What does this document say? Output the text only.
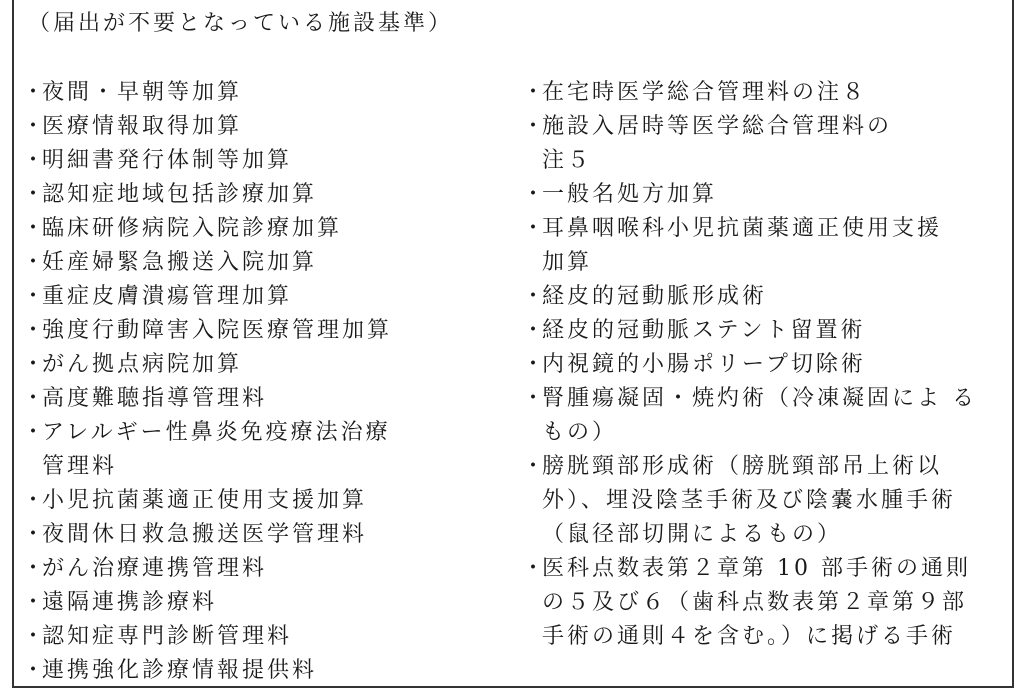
（届出が不要となっている施設基準）
・
夜間・早朝等加算
・
医療情報取得加算
・
明細書発行体制等加算
・
認知症地域包括診療加算
・
臨床研修病院入院診療加算
・
妊産婦緊急搬送入院加算
・
重症皮膚潰瘍管理加算
・
強度行動障害入院医療管理加算
・
がん拠点病院加算
・
高度難聴指導管理料
・
アレルギー性鼻炎免疫療法治療
管理料
・
小児抗菌薬適正使用支援加算
・
夜間休日救急搬送医学管理料
・
がん治療連携管理料
・
遠隔連携診療料
・
認知症専門診断管理料
・
連携強化診療情報提供料
・
在宅時医学総合管理料の注８
・
施設入居時等医学総合管理料の
注５
・
一般名処方加算
・
耳鼻咽喉科小児抗菌薬適正使用支援
加算
・
経皮的冠動脈形成術
・
経皮的冠動脈ステント留置術
・
内視鏡的小腸ポリープ切除術
・
腎腫瘍凝固・焼灼術（冷凍凝固によ る
もの）
・
膀胱頸部形成術（膀胱頸部吊上術以
外）、埋没陰茎手術及び陰嚢水腫手術
（鼠径部切開によるもの）
・
医科点数表第２章第 10 部手術の通則
の５及び６（歯科点数表第２章第９部
手術の通則４を含む。）に掲げる手術
